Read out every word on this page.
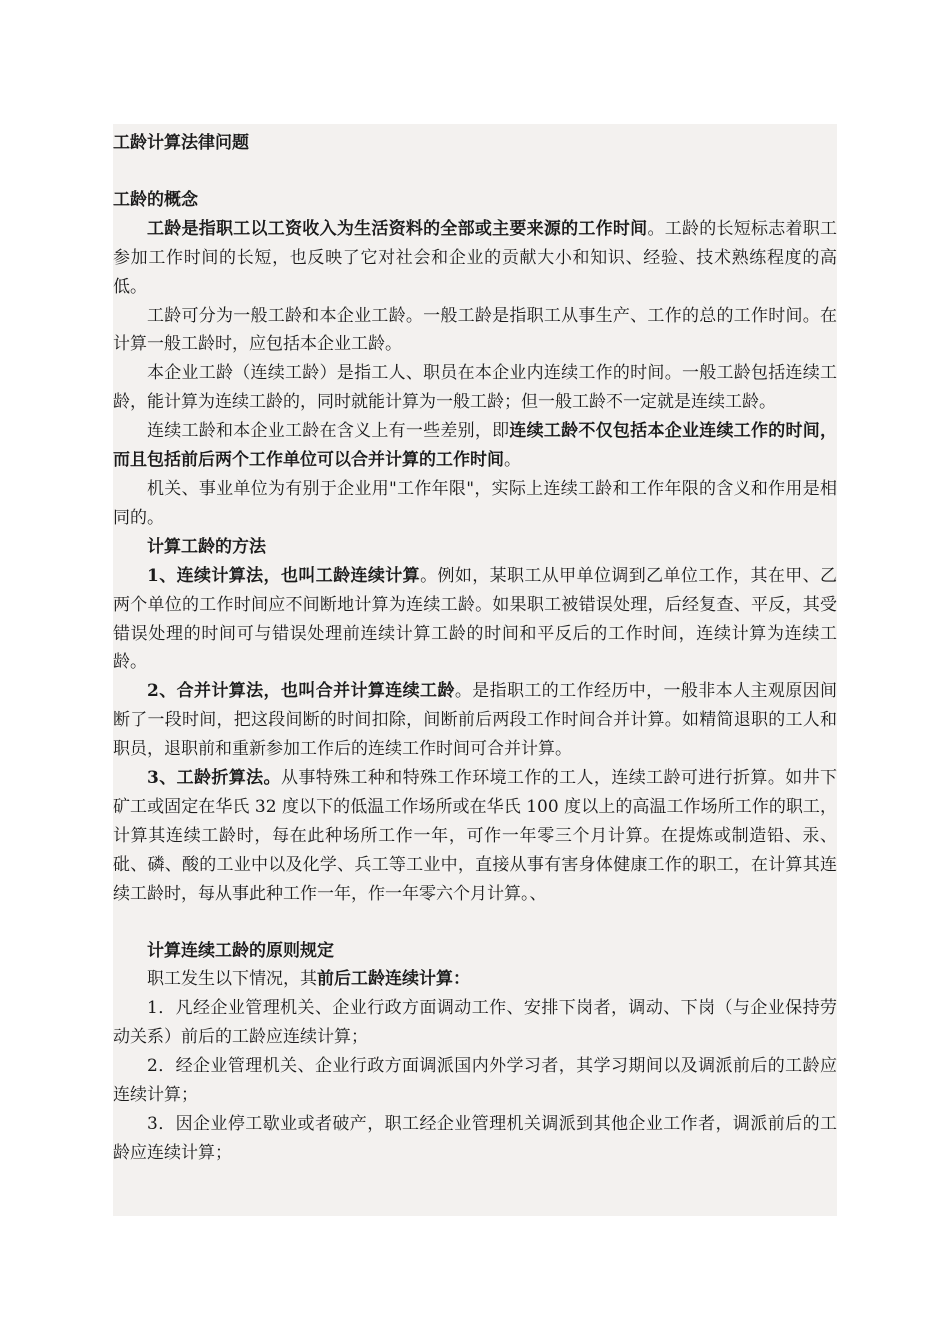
工龄计算法律问题

工龄的概念

工龄是指职工以工资收入为生活资料的全部或主要来源的工作时间。工龄的长短标志着职工参加工作时间的长短，也反映了它对社会和企业的贡献大小和知识、经验、技术熟练程度的高低。

工龄可分为一般工龄和本企业工龄。一般工龄是指职工从事生产、工作的总的工作时间。在计算一般工龄时，应包括本企业工龄。

本企业工龄（连续工龄）是指工人、职员在本企业内连续工作的时间。一般工龄包括连续工龄，能计算为连续工龄的，同时就能计算为一般工龄；但一般工龄不一定就是连续工龄。

连续工龄和本企业工龄在含义上有一些差别，即连续工龄不仅包括本企业连续工作的时间，而且包括前后两个工作单位可以合并计算的工作时间。

机关、事业单位为有别于企业用"工作年限"，实际上连续工龄和工作年限的含义和作用是相同的。

计算工龄的方法

1、连续计算法，也叫工龄连续计算。例如，某职工从甲单位调到乙单位工作，其在甲、乙两个单位的工作时间应不间断地计算为连续工龄。如果职工被错误处理，后经复查、平反，其受错误处理的时间可与错误处理前连续计算工龄的时间和平反后的工作时间，连续计算为连续工龄。

2、合并计算法，也叫合并计算连续工龄。是指职工的工作经历中，一般非本人主观原因间断了一段时间，把这段间断的时间扣除，间断前后两段工作时间合并计算。如精简退职的工人和职员，退职前和重新参加工作后的连续工作时间可合并计算。

3、工龄折算法。从事特殊工种和特殊工作环境工作的工人，连续工龄可进行折算。如井下矿工或固定在华氏 32 度以下的低温工作场所或在华氏 100 度以上的高温工作场所工作的职工，计算其连续工龄时，每在此种场所工作一年，可作一年零三个月计算。在提炼或制造铅、汞、砒、磷、酸的工业中以及化学、兵工等工业中，直接从事有害身体健康工作的职工，在计算其连续工龄时，每从事此种工作一年，作一年零六个月计算。、

计算连续工龄的原则规定

职工发生以下情况，其前后工龄连续计算：

1．凡经企业管理机关、企业行政方面调动工作、安排下岗者，调动、下岗（与企业保持劳动关系）前后的工龄应连续计算；

2．经企业管理机关、企业行政方面调派国内外学习者，其学习期间以及调派前后的工龄应连续计算；

3．因企业停工歇业或者破产，职工经企业管理机关调派到其他企业工作者，调派前后的工龄应连续计算；
